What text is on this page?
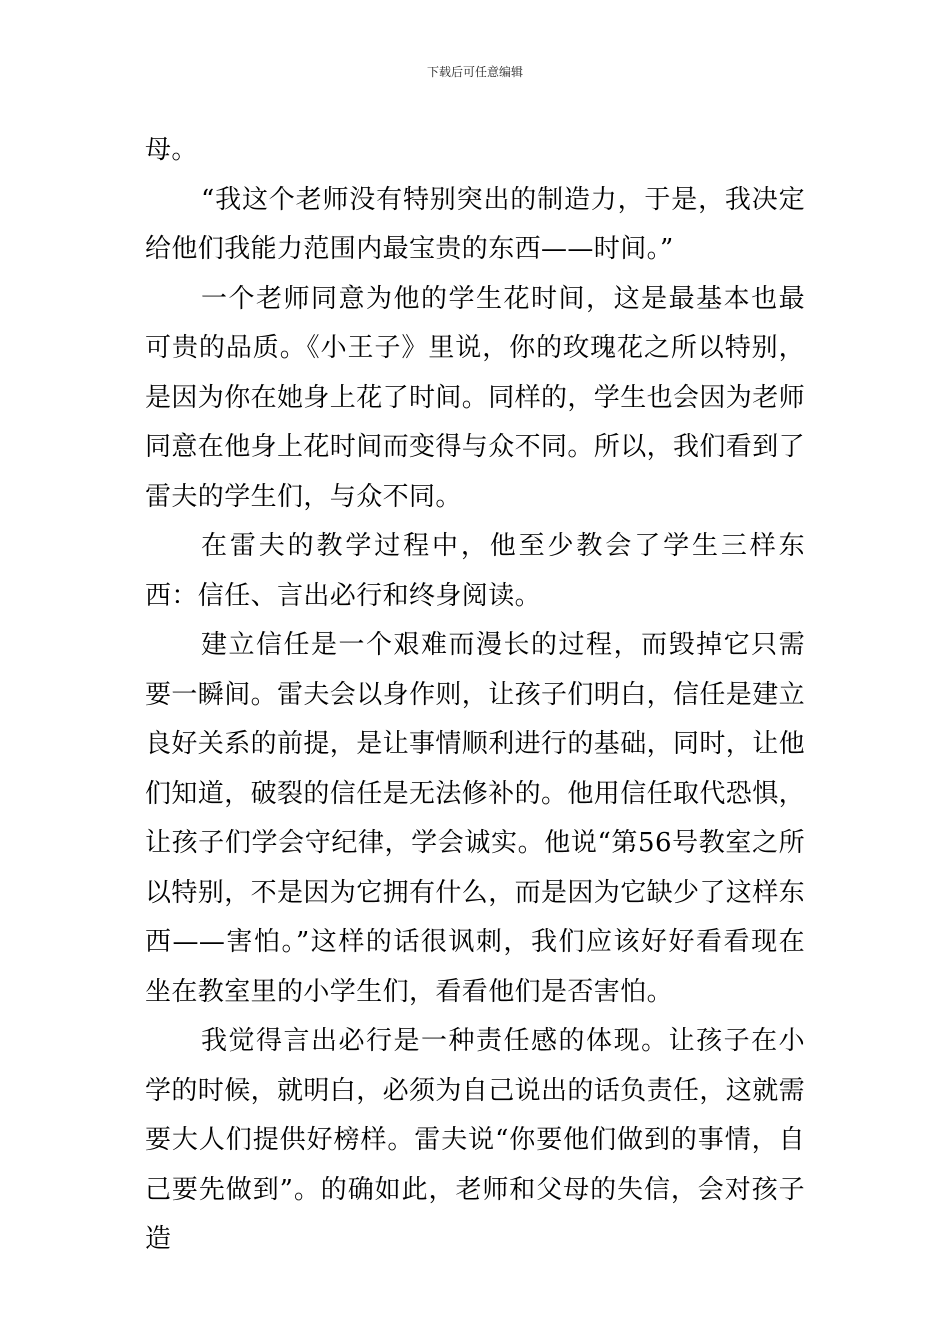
下载后可任意编辑

母。

“我这个老师没有特别突出的制造力，于是，我决定给他们我能力范围内最宝贵的东西——时间。”

一个老师同意为他的学生花时间，这是最基本也最可贵的品质。《小王子》里说，你的玫瑰花之所以特别，是因为你在她身上花了时间。同样的，学生也会因为老师同意在他身上花时间而变得与众不同。所以，我们看到了雷夫的学生们，与众不同。

在雷夫的教学过程中，他至少教会了学生三样东西：信任、言出必行和终身阅读。

建立信任是一个艰难而漫长的过程，而毁掉它只需要一瞬间。雷夫会以身作则，让孩子们明白，信任是建立良好关系的前提，是让事情顺利进行的基础，同时，让他们知道，破裂的信任是无法修补的。他用信任取代恐惧，让孩子们学会守纪律，学会诚实。他说“第56号教室之所以特别，不是因为它拥有什么，而是因为它缺少了这样东西——害怕。”这样的话很讽刺，我们应该好好看看现在坐在教室里的小学生们，看看他们是否害怕。

我觉得言出必行是一种责任感的体现。让孩子在小学的时候，就明白，必须为自己说出的话负责任，这就需要大人们提供好榜样。雷夫说“你要他们做到的事情，自己要先做到”。的确如此，老师和父母的失信，会对孩子造
